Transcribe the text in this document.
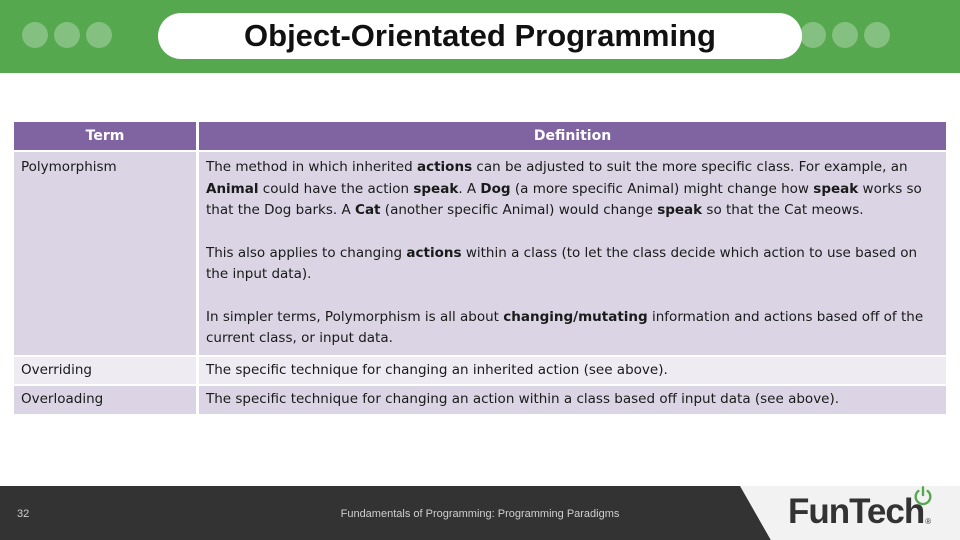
Object-Orientated Programming
Term	Definition
Polymorphism	The method in which inherited actions can be adjusted to suit the more specific class. For example, an Animal could have the action speak. A Dog (a more specific Animal) might change how speak works so that the Dog barks. A Cat (another specific Animal) would change speak so that the Cat meows.

This also applies to changing actions within a class (to let the class decide which action to use based on the input data).

In simpler terms, Polymorphism is all about changing/mutating information and actions based off of the current class, or input data.

Overriding	The specific technique for changing an inherited action (see above).
Overloading	The specific technique for changing an action within a class based off input data (see above).
32	Fundamentals of Programming: Programming Paradigms	FunTech ®
